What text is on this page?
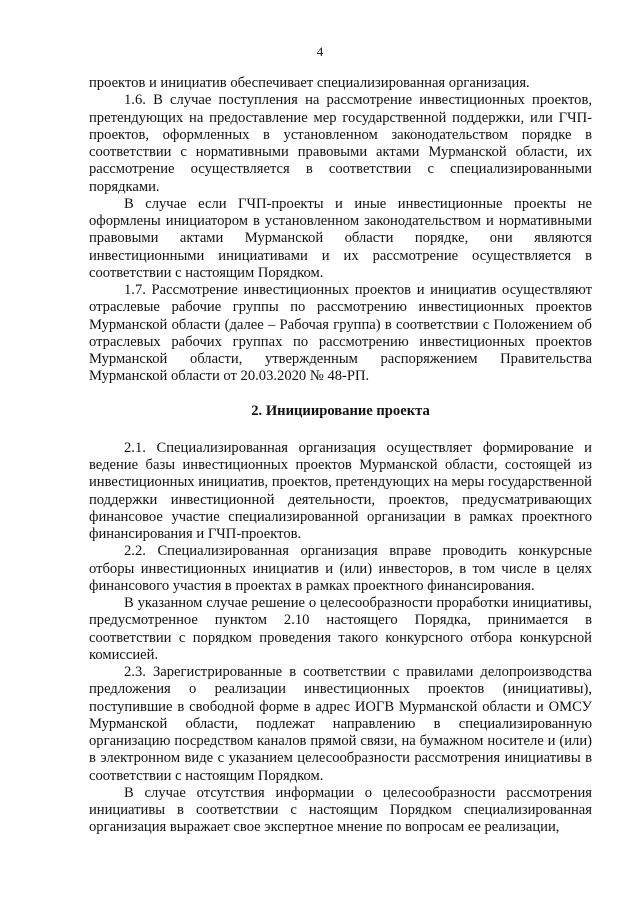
4

проектов и инициатив обеспечивает специализированная организация.

1.6. В случае поступления на рассмотрение инвестиционных проектов, претендующих на предоставление мер государственной поддержки, или ГЧП-проектов, оформленных в установленном законодательством порядке в соответствии с нормативными правовыми актами Мурманской области, их рассмотрение осуществляется в соответствии с специализированными порядками.

В случае если ГЧП-проекты и иные инвестиционные проекты не оформлены инициатором в установленном законодательством и нормативными правовыми актами Мурманской области порядке, они являются инвестиционными инициативами и их рассмотрение осуществляется в соответствии с настоящим Порядком.

1.7. Рассмотрение инвестиционных проектов и инициатив осуществляют отраслевые рабочие группы по рассмотрению инвестиционных проектов Мурманской области (далее – Рабочая группа) в соответствии с Положением об отраслевых рабочих группах по рассмотрению инвестиционных проектов Мурманской области, утвержденным распоряжением Правительства Мурманской области от 20.03.2020 № 48-РП.

2. Инициирование проекта

2.1. Специализированная организация осуществляет формирование и ведение базы инвестиционных проектов Мурманской области, состоящей из инвестиционных инициатив, проектов, претендующих на меры государственной поддержки инвестиционной деятельности, проектов, предусматривающих финансовое участие специализированной организации в рамках проектного финансирования и ГЧП-проектов.

2.2. Специализированная организация вправе проводить конкурсные отборы инвестиционных инициатив и (или) инвесторов, в том числе в целях финансового участия в проектах в рамках проектного финансирования.

В указанном случае решение о целесообразности проработки инициативы, предусмотренное пунктом 2.10 настоящего Порядка, принимается в соответствии с порядком проведения такого конкурсного отбора конкурсной комиссией.

2.3. Зарегистрированные в соответствии с правилами делопроизводства предложения о реализации инвестиционных проектов (инициативы), поступившие в свободной форме в адрес ИОГВ Мурманской области и ОМСУ Мурманской области, подлежат направлению в специализированную организацию посредством каналов прямой связи, на бумажном носителе и (или) в электронном виде с указанием целесообразности рассмотрения инициативы в соответствии с настоящим Порядком.

В случае отсутствия информации о целесообразности рассмотрения инициативы в соответствии с настоящим Порядком специализированная организация выражает свое экспертное мнение по вопросам ее реализации,
